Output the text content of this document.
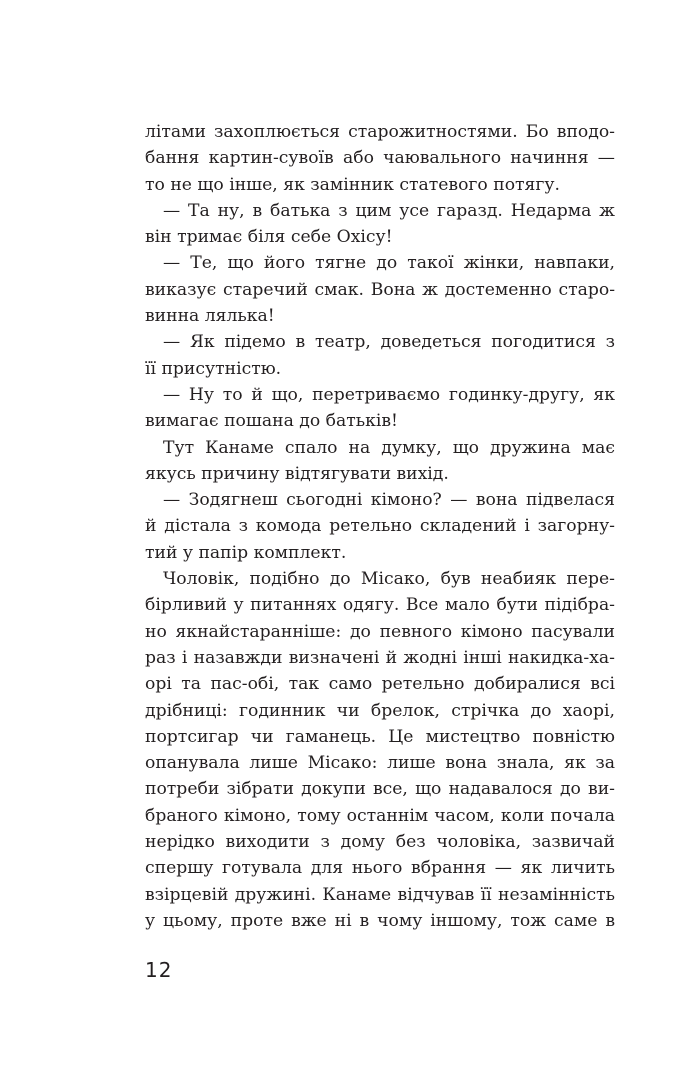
літами захоплюється старожитностями. Бо вподо-
бання картин-сувоїв або чаювального начиння —
то не що інше, як замінник статевого потягу.
— Та ну, в батька з цим усе гаразд. Недарма ж
він тримає біля себе Охісу!
— Те, що його тягне до такої жінки, навпаки,
виказує старечий смак. Вона ж достеменно старо-
винна лялька!
— Як підемо в театр, доведеться погодитися з
її присутністю.
— Ну то й що, перетриваємо годинку-другу, як
вимагає пошана до батьків!
Тут Канаме спало на думку, що дружина має
якусь причину відтягувати вихід.
— Зодягнеш сьогодні кімоно? — вона підвелася
й дістала з комода ретельно складений і загорну-
тий у папір комплект.
Чоловік, подібно до Місако, був неабияк пере-
бірливий у питаннях одягу. Все мало бути підібра-
но якнайстаранніше: до певного кімоно пасували
раз і назавжди визначені й жодні інші накидка-ха-
орі та пас-обі, так само ретельно добиралися всі
дрібниці: годинник чи брелок, стрічка до хаорі,
портсигар чи гаманець. Це мистецтво повністю
опанувала лише Місако: лише вона знала, як за
потреби зібрати докупи все, що надавалося до ви-
браного кімоно, тому останнім часом, коли почала
нерідко виходити з дому без чоловіка, зазвичай
спершу готувала для нього вбрання — як личить
взірцевій дружині. Канаме відчував її незамінність
у цьому, проте вже ні в чому іншому, тож саме в
12
